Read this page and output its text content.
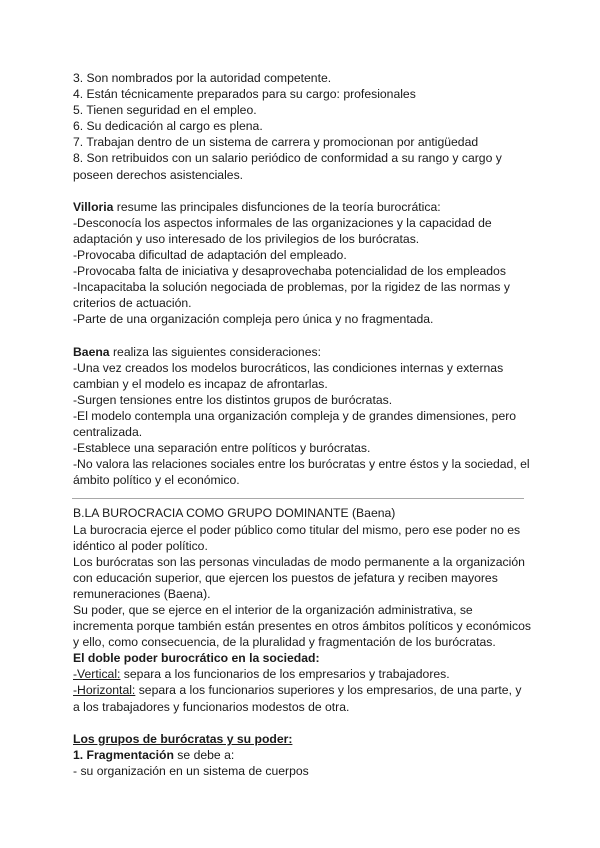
3. Son nombrados por la autoridad competente.
4. Están técnicamente preparados para su cargo: profesionales
5. Tienen seguridad en el empleo.
6. Su dedicación al cargo es plena.
7. Trabajan dentro de un sistema de carrera y promocionan por antigüedad
8. Son retribuidos con un salario periódico de conformidad a su rango y cargo y
poseen derechos asistenciales.
Villoria resume las principales disfunciones de la teoría burocrática:
-Desconocía los aspectos informales de las organizaciones y la capacidad de
adaptación y uso interesado de los privilegios de los burócratas.
-Provocaba dificultad de adaptación del empleado.
-Provocaba falta de iniciativa y desaprovechaba potencialidad de los empleados
-Incapacitaba la solución negociada de problemas, por la rigidez de las normas y
criterios de actuación.
-Parte de una organización compleja pero única y no fragmentada.
Baena realiza las siguientes consideraciones:
-Una vez creados los modelos burocráticos, las condiciones internas y externas
cambian y el modelo es incapaz de afrontarlas.
-Surgen tensiones entre los distintos grupos de burócratas.
-El modelo contempla una organización compleja y de grandes dimensiones, pero
centralizada.
-Establece una separación entre políticos y burócratas.
-No valora las relaciones sociales entre los burócratas y entre éstos y la sociedad, el
ámbito político y el económico.
B.LA BUROCRACIA COMO GRUPO DOMINANTE (Baena)
La burocracia ejerce el poder público como titular del mismo, pero ese poder no es
idéntico al poder político.
Los burócratas son las personas vinculadas de modo permanente a la organización
con educación superior, que ejercen los puestos de jefatura y reciben mayores
remuneraciones (Baena).
Su poder, que se ejerce en el interior de la organización administrativa, se
incrementa porque también están presentes en otros ámbitos políticos y económicos
y ello, como consecuencia, de la pluralidad y fragmentación de los burócratas.
El doble poder burocrático en la sociedad:
-Vertical: separa a los funcionarios de los empresarios y trabajadores.
-Horizontal: separa a los funcionarios superiores y los empresarios, de una parte, y
a los trabajadores y funcionarios modestos de otra.
Los grupos de burócratas y su poder:
1. Fragmentación se debe a:
- su organización en un sistema de cuerpos
